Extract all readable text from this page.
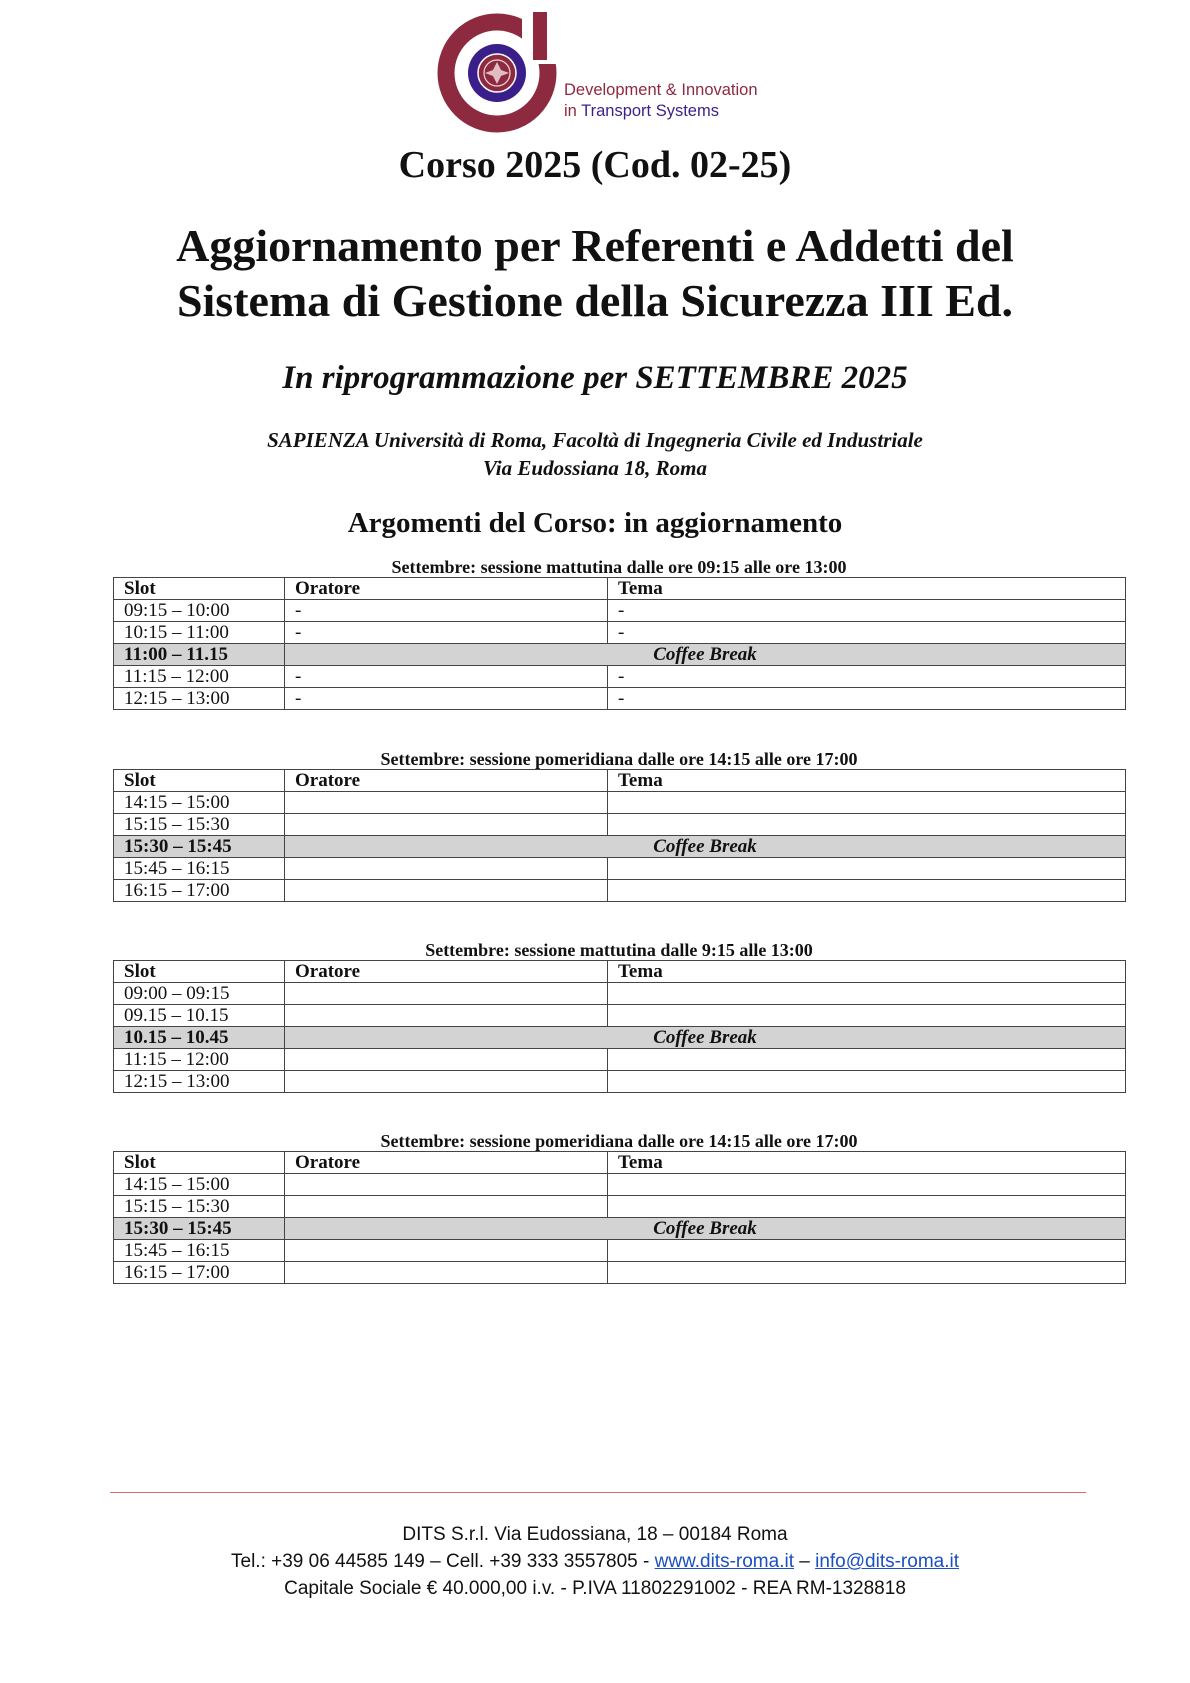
Development & Innovation
in Transport Systems
Corso 2025 (Cod. 02-25)
Aggiornamento per Referenti e Addetti del
Sistema di Gestione della Sicurezza III Ed.
In riprogrammazione per SETTEMBRE 2025
SAPIENZA Università di Roma, Facoltà di Ingegneria Civile ed Industriale
Via Eudossiana 18, Roma
Argomenti del Corso: in aggiornamento
Settembre: sessione mattutina dalle ore 09:15 alle ore 13:00
Slot	Oratore	Tema
09:15 – 10:00	-	-
10:15 – 11:00	-	-
11:00 – 11.15	Coffee Break	
11:15 – 12:00	-	-
12:15 – 13:00	-	-
Settembre: sessione pomeridiana dalle ore 14:15 alle ore 17:00
Slot	Oratore	Tema
14:15 – 15:00		
15:15 – 15:30		
15:30 – 15:45	Coffee Break	
15:45 – 16:15		
16:15 – 17:00		
Settembre: sessione mattutina dalle 9:15 alle 13:00
Slot	Oratore	Tema
09:00 – 09:15		
09.15 – 10.15		
10.15 – 10.45	Coffee Break	
11:15 – 12:00		
12:15 – 13:00		
Settembre: sessione pomeridiana dalle ore 14:15 alle ore 17:00
Slot	Oratore	Tema
14:15 – 15:00		
15:15 – 15:30		
15:30 – 15:45	Coffee Break	
15:45 – 16:15		
16:15 – 17:00		
DITS S.r.l. Via Eudossiana, 18 – 00184 Roma
Tel.: +39 06 44585 149 – Cell. +39 333 3557805 - www.dits-roma.it – info@dits-roma.it
Capitale Sociale € 40.000,00 i.v. - P.IVA 11802291002 - REA RM-1328818
